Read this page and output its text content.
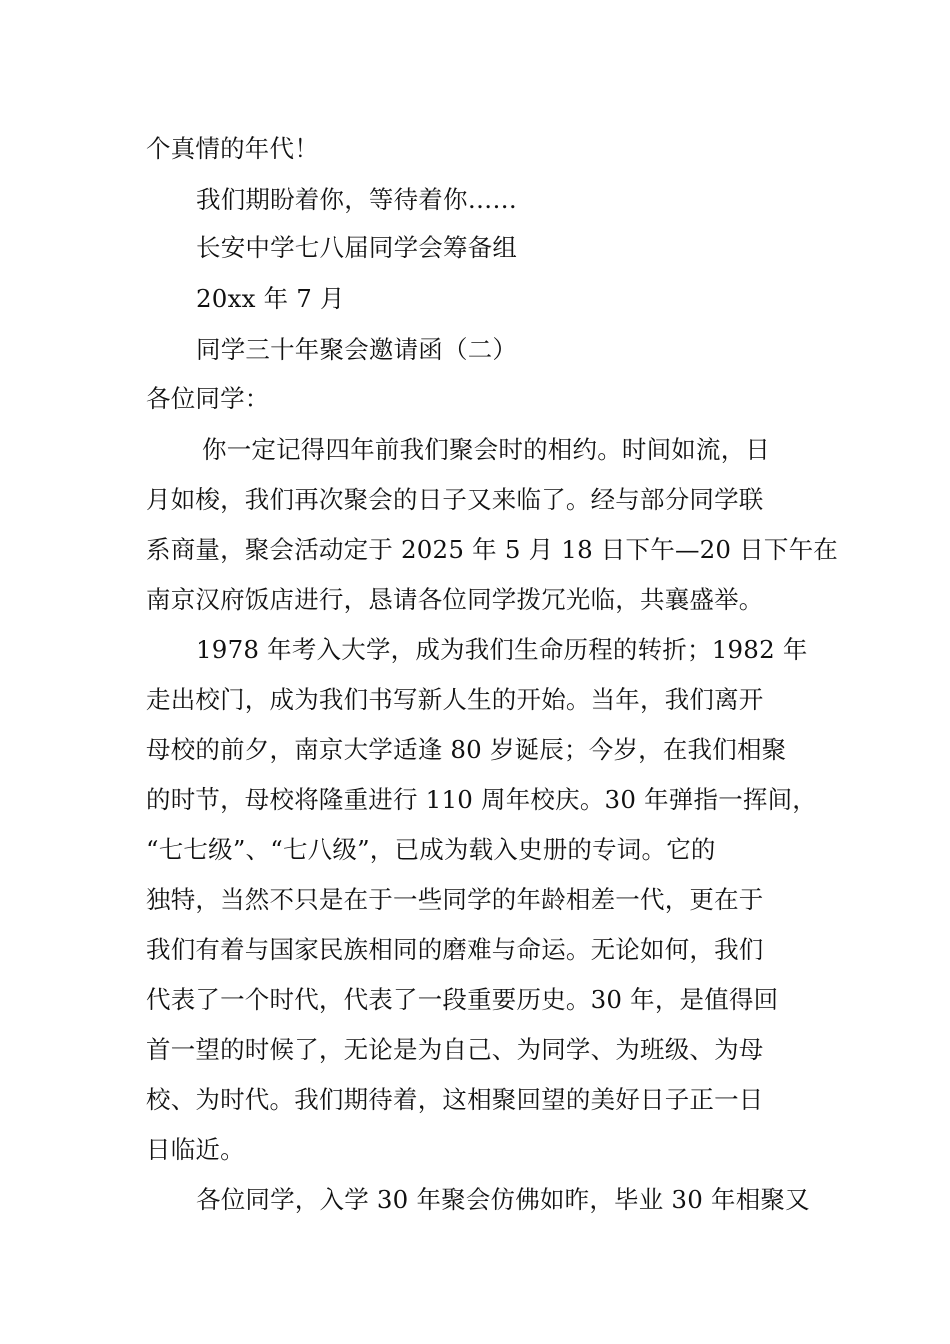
个真情的年代！
我们期盼着你，等待着你……
长安中学七八届同学会筹备组
20xx 年 7 月
同学三十年聚会邀请函（二）
各位同学：
你一定记得四年前我们聚会时的相约。时间如流，日
月如梭，我们再次聚会的日子又来临了。经与部分同学联
系商量，聚会活动定于 2025 年 5 月 18 日下午—20 日下午在
南京汉府饭店进行，恳请各位同学拨冗光临，共襄盛举。
1978 年考入大学，成为我们生命历程的转折；1982 年
走出校门，成为我们书写新人生的开始。当年，我们离开
母校的前夕，南京大学适逢 80 岁诞辰；今岁，在我们相聚
的时节，母校将隆重进行 110 周年校庆。30 年弹指一挥间，
“七七级”、“七八级”，已成为载入史册的专词。它的
独特，当然不只是在于一些同学的年龄相差一代，更在于
我们有着与国家民族相同的磨难与命运。无论如何，我们
代表了一个时代，代表了一段重要历史。30 年，是值得回
首一望的时候了，无论是为自己、为同学、为班级、为母
校、为时代。我们期待着，这相聚回望的美好日子正一日
日临近。
各位同学，入学 30 年聚会仿佛如昨，毕业 30 年相聚又
